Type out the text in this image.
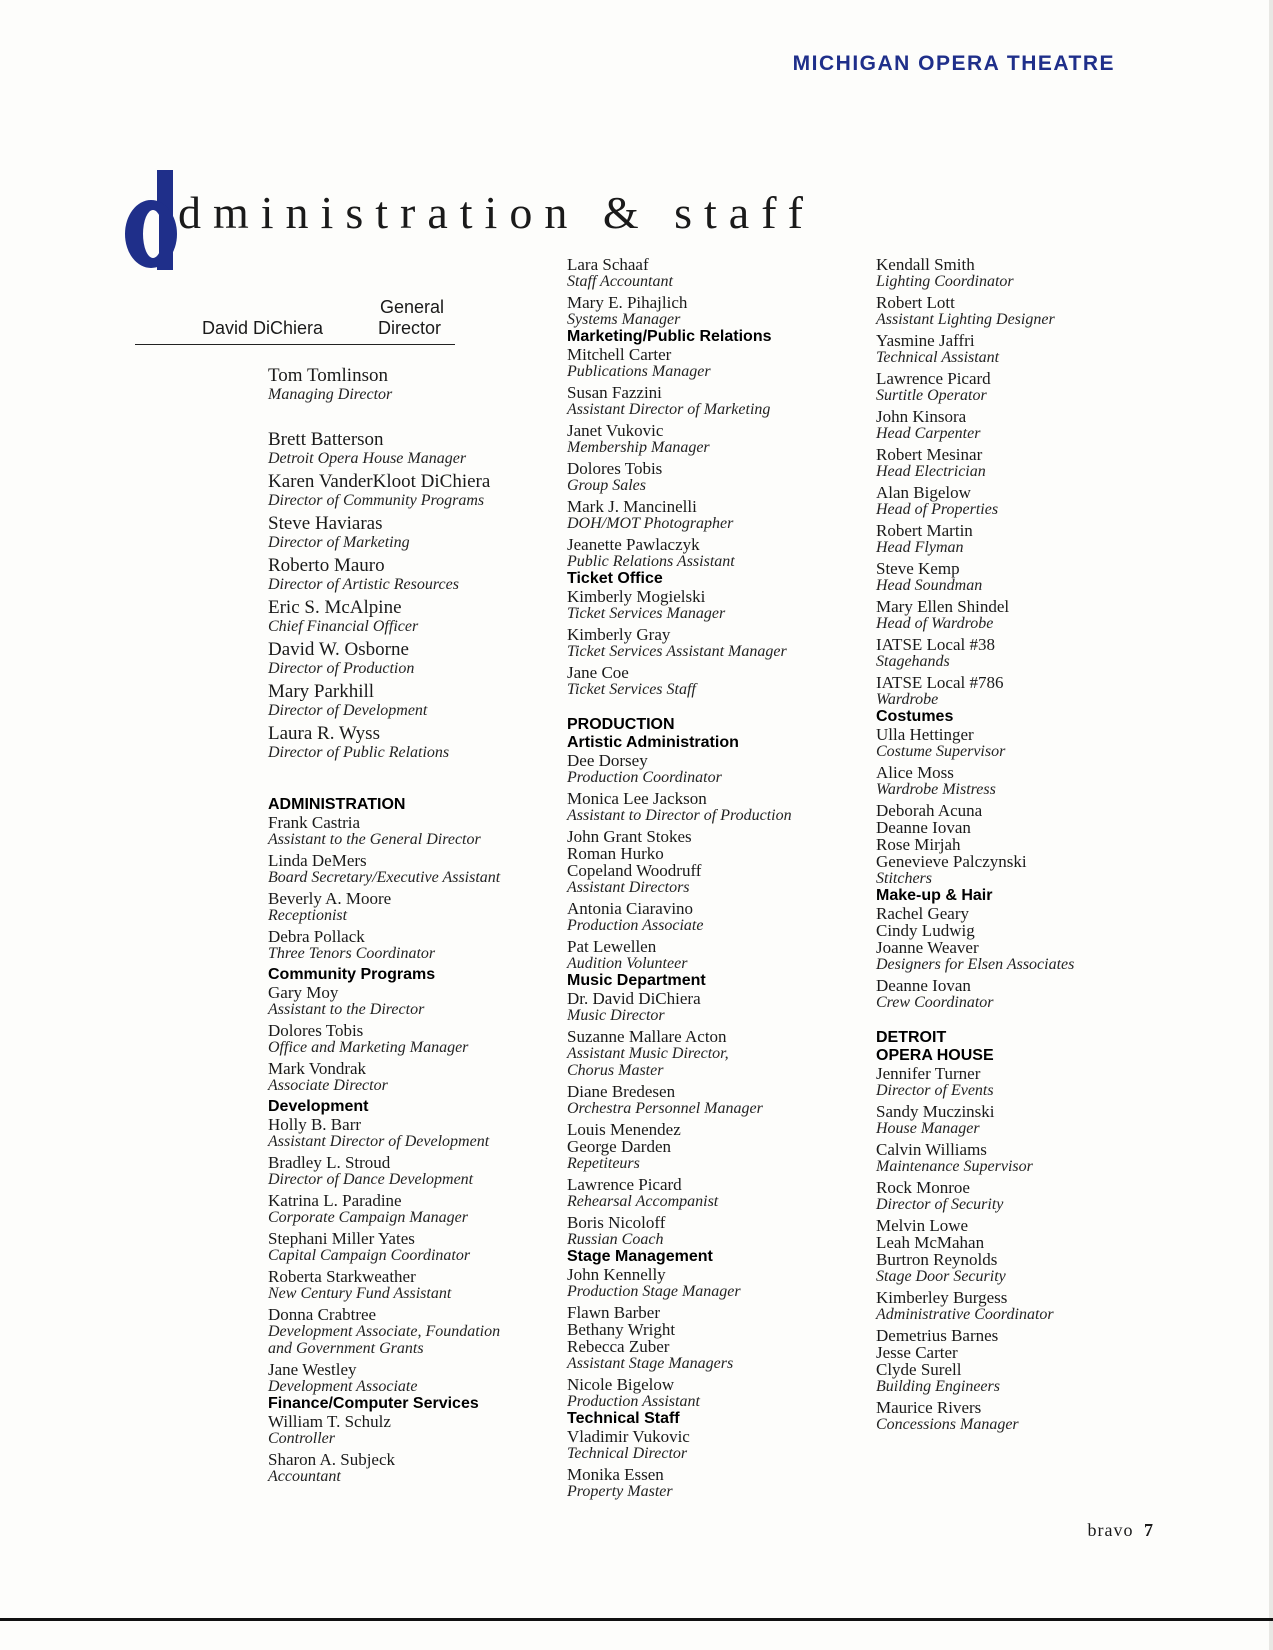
MICHIGAN OPERA THEATRE
dministration & staff
General
Director
David DiChiera
Tom Tomlinson
Managing Director
Brett Batterson
Detroit Opera House Manager
Karen VanderKloot DiChiera
Director of Community Programs
Steve Haviaras
Director of Marketing
Roberto Mauro
Director of Artistic Resources
Eric S. McAlpine
Chief Financial Officer
David W. Osborne
Director of Production
Mary Parkhill
Director of Development
Laura R. Wyss
Director of Public Relations
ADMINISTRATION
Frank Castria
Assistant to the General Director
Linda DeMers
Board Secretary/Executive Assistant
Beverly A. Moore
Receptionist
Debra Pollack
Three Tenors Coordinator
Community Programs
Gary Moy
Assistant to the Director
Dolores Tobis
Office and Marketing Manager
Mark Vondrak
Associate Director
Development
Holly B. Barr
Assistant Director of Development
Bradley L. Stroud
Director of Dance Development
Katrina L. Paradine
Corporate Campaign Manager
Stephani Miller Yates
Capital Campaign Coordinator
Roberta Starkweather
New Century Fund Assistant
Donna Crabtree
Development Associate, Foundation
and Government Grants
Jane Westley
Development Associate
Finance/Computer Services
William T. Schulz
Controller
Sharon A. Subjeck
Accountant
Lara Schaaf
Staff Accountant
Mary E. Pihajlich
Systems Manager
Marketing/Public Relations
Mitchell Carter
Publications Manager
Susan Fazzini
Assistant Director of Marketing
Janet Vukovic
Membership Manager
Dolores Tobis
Group Sales
Mark J. Mancinelli
DOH/MOT Photographer
Jeanette Pawlaczyk
Public Relations Assistant
Ticket Office
Kimberly Mogielski
Ticket Services Manager
Kimberly Gray
Ticket Services Assistant Manager
Jane Coe
Ticket Services Staff
PRODUCTION
Artistic Administration
Dee Dorsey
Production Coordinator
Monica Lee Jackson
Assistant to Director of Production
John Grant Stokes
Roman Hurko
Copeland Woodruff
Assistant Directors
Antonia Ciaravino
Production Associate
Pat Lewellen
Audition Volunteer
Music Department
Dr. David DiChiera
Music Director
Suzanne Mallare Acton
Assistant Music Director,
Chorus Master
Diane Bredesen
Orchestra Personnel Manager
Louis Menendez
George Darden
Repetiteurs
Lawrence Picard
Rehearsal Accompanist
Boris Nicoloff
Russian Coach
Stage Management
John Kennelly
Production Stage Manager
Flawn Barber
Bethany Wright
Rebecca Zuber
Assistant Stage Managers
Nicole Bigelow
Production Assistant
Technical Staff
Vladimir Vukovic
Technical Director
Monika Essen
Property Master
Kendall Smith
Lighting Coordinator
Robert Lott
Assistant Lighting Designer
Yasmine Jaffri
Technical Assistant
Lawrence Picard
Surtitle Operator
John Kinsora
Head Carpenter
Robert Mesinar
Head Electrician
Alan Bigelow
Head of Properties
Robert Martin
Head Flyman
Steve Kemp
Head Soundman
Mary Ellen Shindel
Head of Wardrobe
IATSE Local #38
Stagehands
IATSE Local #786
Wardrobe
Costumes
Ulla Hettinger
Costume Supervisor
Alice Moss
Wardrobe Mistress
Deborah Acuna
Deanne Iovan
Rose Mirjah
Genevieve Palczynski
Stitchers
Make-up & Hair
Rachel Geary
Cindy Ludwig
Joanne Weaver
Designers for Elsen Associates
Deanne Iovan
Crew Coordinator
DETROIT
OPERA HOUSE
Jennifer Turner
Director of Events
Sandy Muczinski
House Manager
Calvin Williams
Maintenance Supervisor
Rock Monroe
Director of Security
Melvin Lowe
Leah McMahan
Burtron Reynolds
Stage Door Security
Kimberley Burgess
Administrative Coordinator
Demetrius Barnes
Jesse Carter
Clyde Surell
Building Engineers
Maurice Rivers
Concessions Manager
bravo 7
